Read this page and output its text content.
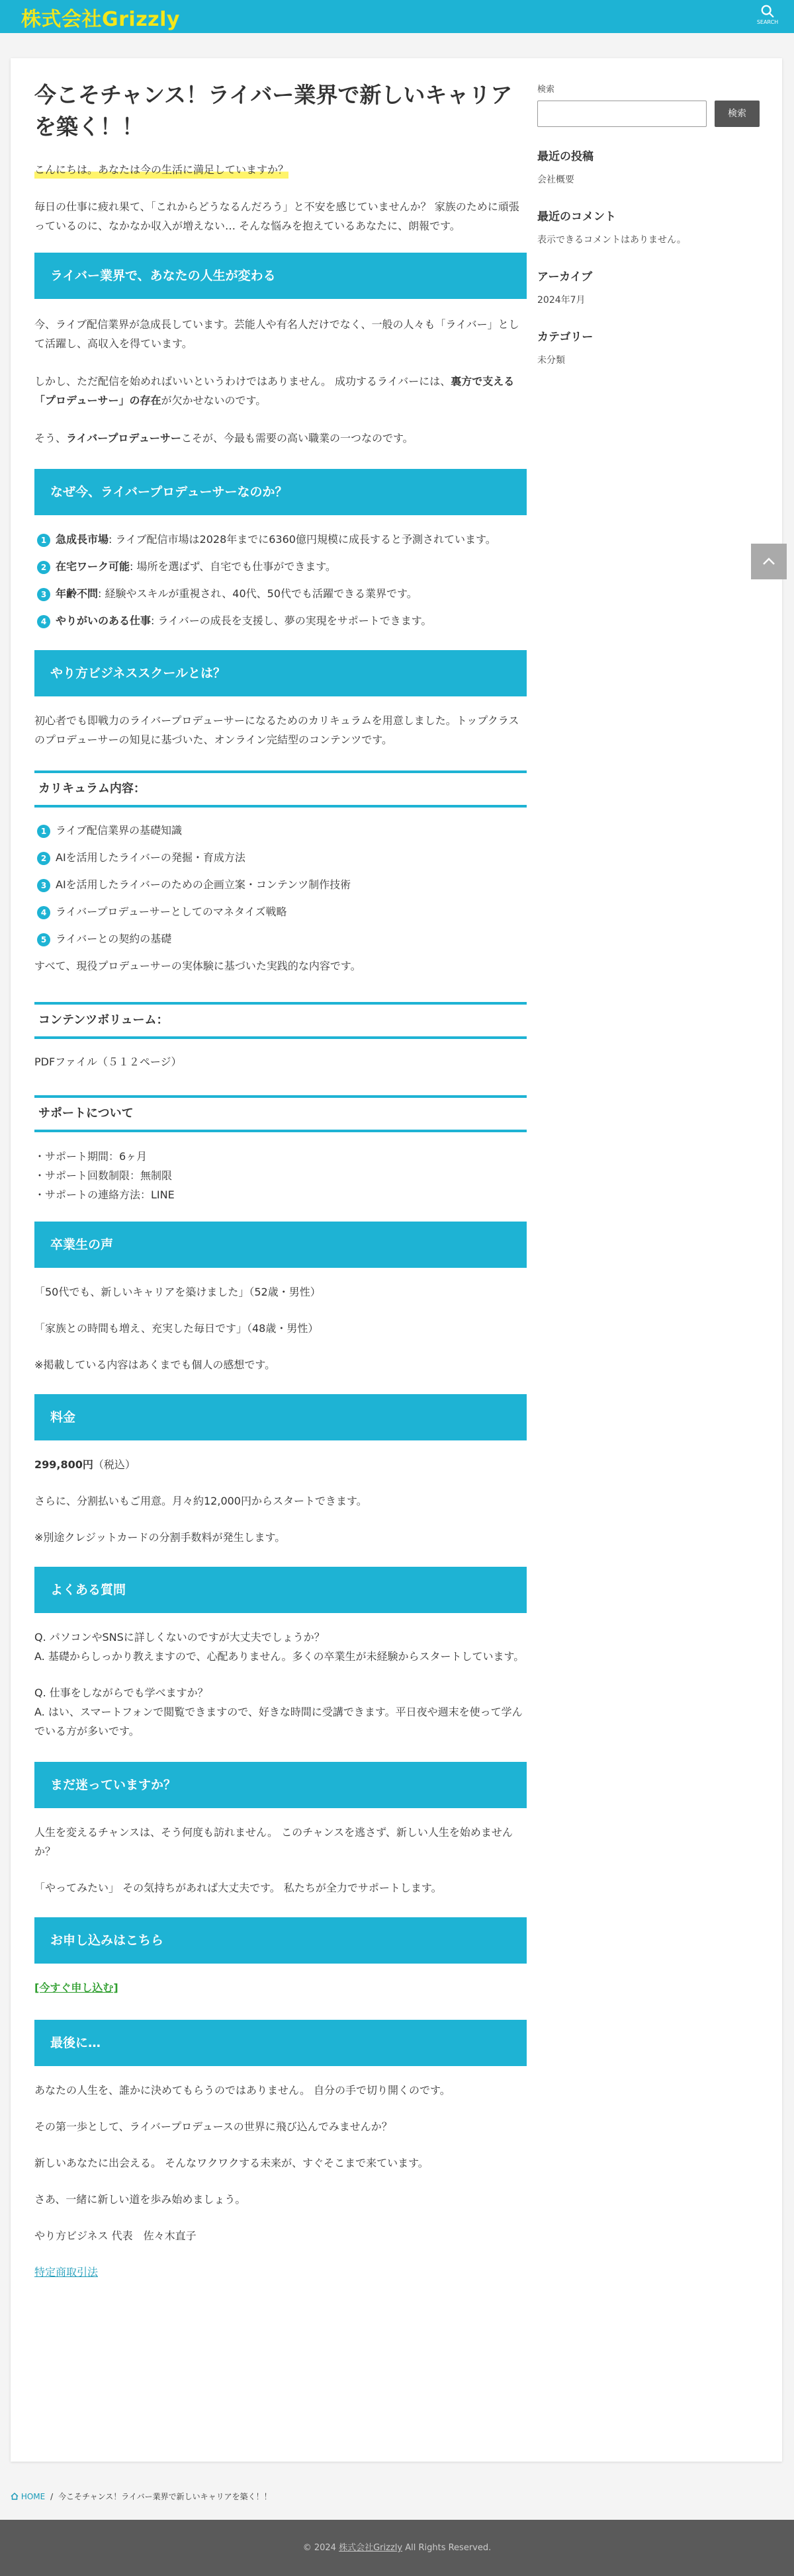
株式会社Grizzly	SEARCH
今こそチャンス！ライバー業界で新しいキャリアを築く！！
こんにちは。あなたは今の生活に満足していますか？

毎日の仕事に疲れ果て、「これからどうなるんだろう」と不安を感じていませんか？ 家族のために頑張っているのに、なかなか収入が増えない… そんな悩みを抱えているあなたに、朗報です。

ライバー業界で、あなたの人生が変わる

今、ライブ配信業界が急成長しています。芸能人や有名人だけでなく、一般の人々も「ライバー」として活躍し、高収入を得ています。

しかし、ただ配信を始めればいいというわけではありません。 成功するライバーには、裏方で支える「プロデューサー」の存在が欠かせないのです。

そう、ライバープロデューサーこそが、今最も需要の高い職業の一つなのです。

なぜ今、ライバープロデューサーなのか？
1 急成長市場: ライブ配信市場は2028年までに6360億円規模に成長すると予測されています。
2 在宅ワーク可能: 場所を選ばず、自宅でも仕事ができます。
3 年齢不問: 経験やスキルが重視され、40代、50代でも活躍できる業界です。
4 やりがいのある仕事: ライバーの成長を支援し、夢の実現をサポートできます。
やり方ビジネススクールとは？

初心者でも即戦力のライバープロデューサーになるためのカリキュラムを用意しました。トップクラスのプロデューサーの知見に基づいた、オンライン完結型のコンテンツです。

カリキュラム内容：
1 ライブ配信業界の基礎知識
2 AIを活用したライバーの発掘・育成方法
3 AIを活用したライバーのための企画立案・コンテンツ制作技術
4 ライバープロデューサーとしてのマネタイズ戦略
5 ライバーとの契約の基礎

すべて、現役プロデューサーの実体験に基づいた実践的な内容です。

コンテンツボリューム：

PDFファイル（５１２ページ）

サポートについて

・サポート期間：6ヶ月

・サポート回数制限：無制限

・サポートの連絡方法：LINE

卒業生の声

「50代でも、新しいキャリアを築けました」（52歳・男性）

「家族との時間も増え、充実した毎日です」（48歳・男性）

※掲載している内容はあくまでも個人の感想です。

料金

299,800円（税込）

さらに、分割払いもご用意。月々約12,000円からスタートできます。

※別途クレジットカードの分割手数料が発生します。

よくある質問

Q. パソコンやSNSに詳しくないのですが大丈夫でしょうか？

A. 基礎からしっかり教えますので、心配ありません。多くの卒業生が未経験からスタートしています。

Q. 仕事をしながらでも学べますか？

A. はい、スマートフォンで閲覧できますので、好きな時間に受講できます。平日夜や週末を使って学んでいる方が多いです。

まだ迷っていますか？

人生を変えるチャンスは、そう何度も訪れません。 このチャンスを逃さず、新しい人生を始めませんか？

「やってみたい」 その気持ちがあれば大丈夫です。 私たちが全力でサポートします。

お申し込みはこちら

[今すぐ申し込む]

最後に…

あなたの人生を、誰かに決めてもらうのではありません。 自分の手で切り開くのです。

その第一歩として、ライバープロデュースの世界に飛び込んでみませんか？

新しいあなたに出会える。 そんなワクワクする未来が、すぐそこまで来ています。

さあ、一緒に新しい道を歩み始めましょう。

やり方ビジネス 代表　佐々木直子

特定商取引法

検索
検索
最近の投稿
会社概要
最近のコメント
表示できるコメントはありません。
アーカイブ
2024年7月
カテゴリー
未分類
HOME / 今こそチャンス！ライバー業界で新しいキャリアを築く！！

© 2024 株式会社Grizzly All Rights Reserved.
